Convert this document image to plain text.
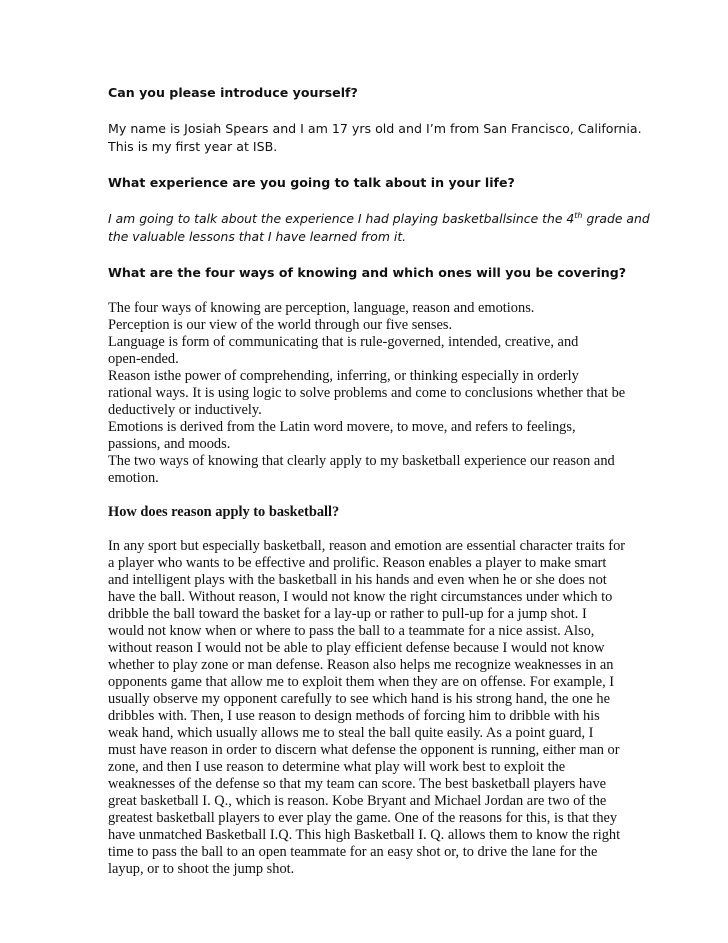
Can you please introduce yourself?

My name is Josiah Spears and I am 17 yrs old and I’m from San Francisco, California.
This is my first year at ISB.

What experience are you going to talk about in your life?

I am going to talk about the experience I had playing basketballsince the 4th grade and
the valuable lessons that I have learned from it.

What are the four ways of knowing and which ones will you be covering?

The four ways of knowing are perception, language, reason and emotions.
Perception is our view of the world through our five senses.
Language is form of communicating that is rule-governed, intended, creative, and
open-ended.
Reason isthe power of comprehending, inferring, or thinking especially in orderly
rational ways. It is using logic to solve problems and come to conclusions whether that be
deductively or inductively.
Emotions is derived from the Latin word movere, to move, and refers to feelings,
passions, and moods.
The two ways of knowing that clearly apply to my basketball experience our reason and
emotion.

How does reason apply to basketball?

In any sport but especially basketball, reason and emotion are essential character traits for
a player who wants to be effective and prolific. Reason enables a player to make smart
and intelligent plays with the basketball in his hands and even when he or she does not
have the ball. Without reason, I would not know the right circumstances under which to
dribble the ball toward the basket for a lay-up or rather to pull-up for a jump shot. I
would not know when or where to pass the ball to a teammate for a nice assist. Also,
without reason I would not be able to play efficient defense because I would not know
whether to play zone or man defense. Reason also helps me recognize weaknesses in an
opponents game that allow me to exploit them when they are on offense. For example, I
usually observe my opponent carefully to see which hand is his strong hand, the one he
dribbles with. Then, I use reason to design methods of forcing him to dribble with his
weak hand, which usually allows me to steal the ball quite easily. As a point guard, I
must have reason in order to discern what defense the opponent is running, either man or
zone, and then I use reason to determine what play will work best to exploit the
weaknesses of the defense so that my team can score. The best basketball players have
great basketball I. Q., which is reason. Kobe Bryant and Michael Jordan are two of the
greatest basketball players to ever play the game. One of the reasons for this, is that they
have unmatched Basketball I.Q. This high Basketball I. Q. allows them to know the right
time to pass the ball to an open teammate for an easy shot or, to drive the lane for the
layup, or to shoot the jump shot.
